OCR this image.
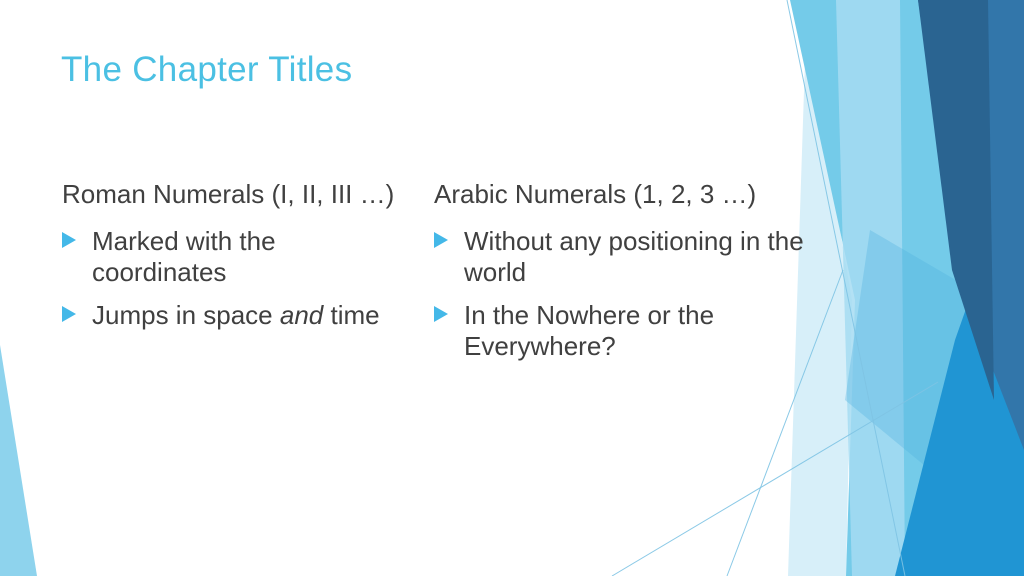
The Chapter Titles
Roman Numerals (I, II, III …)
Marked with the coordinates
Jumps in space and time
Arabic Numerals (1, 2, 3 …)
Without any positioning in the world
In the Nowhere or the Everywhere?
